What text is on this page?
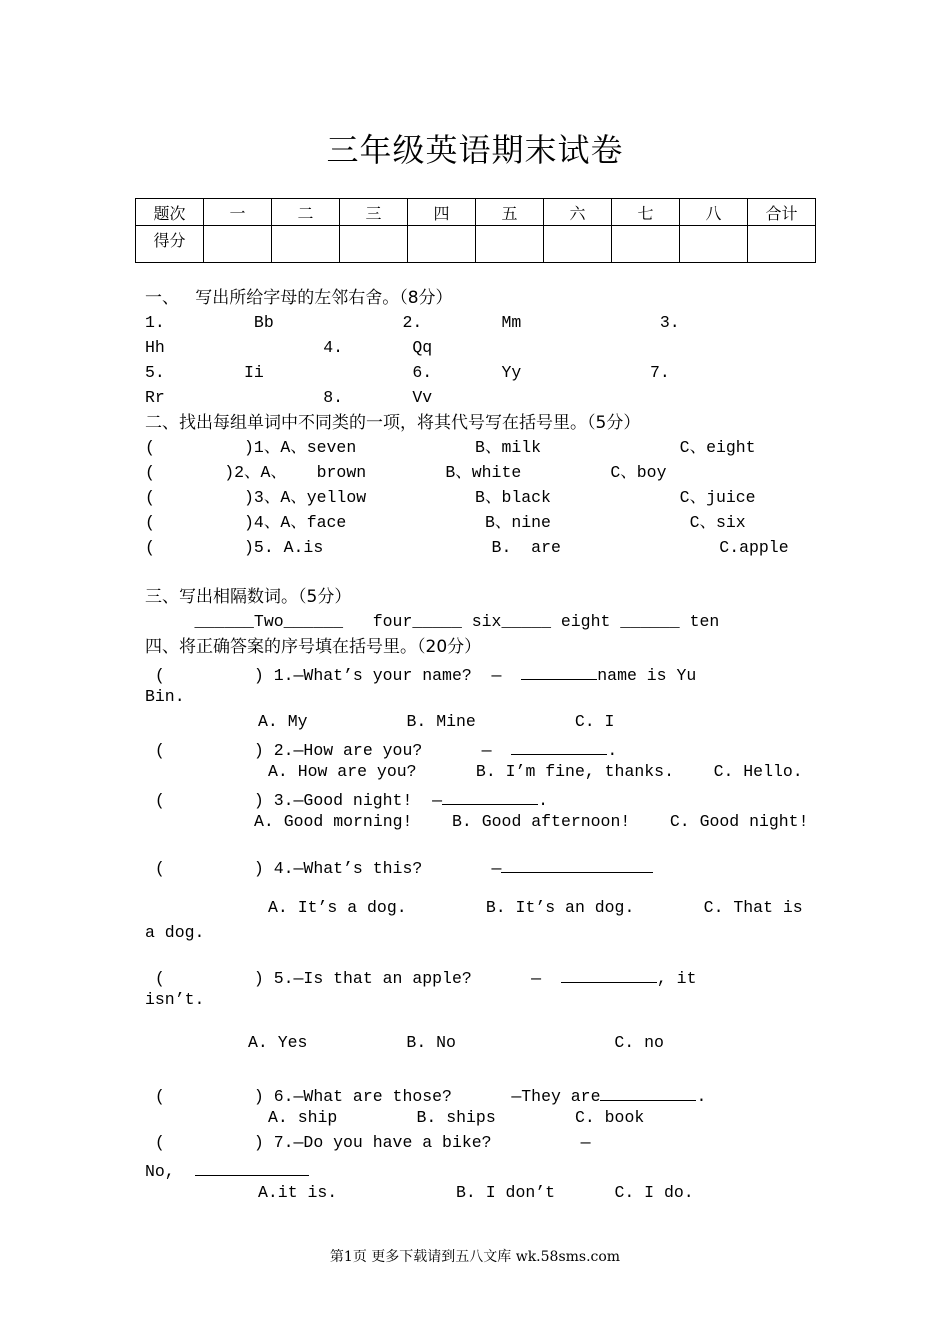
三年级英语期末试卷
题次	一	二	三	四	五	六	七	八	合计
得分									
一、   写出所给字母的左邻右舍。（8分）
1.         Bb             2.        Mm              3.
Hh                4.       Qq
5.        Ii               6.       Yy             7.
Rr                8.       Vv
二、找出每组单词中不同类的一项，将其代号写在括号里。（5分）
(         )1、A、seven            B、milk              C、eight
(       )2、A、   brown        B、white         C、boy
(         )3、A、yellow           B、black             C、juice
(         )4、A、face              B、nine              C、six
(         )5. A.is                 B.  are                C.apple
三、写出相隔数词。（5分）
______Two______   four_____ six_____ eight ______ ten
四、将正确答案的序号填在括号里。（20分）
(         ) 1.—What’s your name?  —	name is Yu
Bin.
A. My          B. Mine          C. I
(         ) 2.—How are you?      —	.
A. How are you?      B. I’m fine, thanks.    C. Hello.
(         ) 3.—Good night!  —	.
A. Good morning!    B. Good afternoon!    C. Good night!
(         ) 4.—What’s this?       —
A. It’s a dog.        B. It’s an dog.       C. That is
a dog.
(         ) 5.—Is that an apple?      —	, it
isn’t.
A. Yes          B. No                C. no
(         ) 6.—What are those?      —They are	.
A. ship        B. ships        C. book
(         ) 7.—Do you have a bike?         —
No,
A.it is.            B. I don’t      C. I do.
第1页 更多下载请到五八文库 wk.58sms.com
